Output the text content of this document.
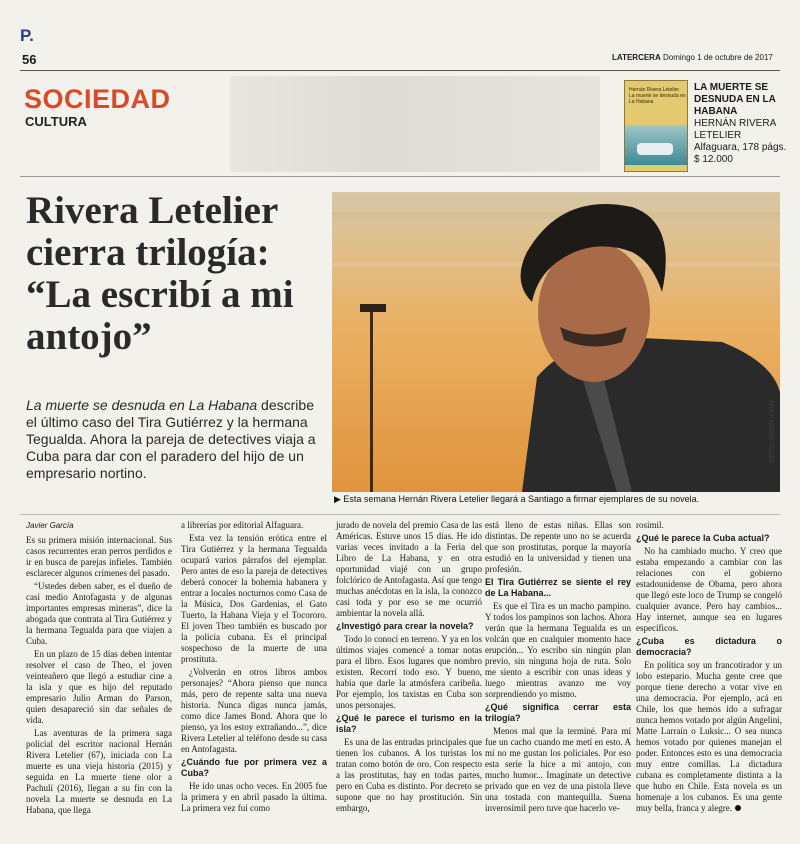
P.
56	LATERCERA Domingo 1 de octubre de 2017
SOCIEDAD
CULTURA
Hernán Rivera Letelier
La muerte se desnuda en La Habana
LA MUERTE SE DESNUDA EN LA HABANA
HERNÁN RIVERA LETELIER
Alfaguara, 178 págs.
$ 12.000
Rivera Letelier cierra trilogía: “La escribí a mi antojo”
La muerte se desnuda en La Habana describe el último caso del Tira Gutiérrez y la hermana Tegualda. Ahora la pareja de detectives viaja a Cuba para dar con el paradero del hijo de un empresario nortino.
FOTO: MARIO TELLEZ
▶ Esta semana Hernán Rivera Letelier llegará a Santiago a firmar ejemplares de su novela.
Javier García

Es su primera misión internacional. Sus casos recurrentes eran perros perdidos e ir en busca de parejas infieles. También esclarecer algunos crímenes del pasado.

“Ustedes deben saber, es el dueño de casi medio Antofagasta y de algunas importantes empresas mineras”, dice la abogada que contrata al Tira Gutiérrez y la hermana Tegualda para que viajen a Cuba.

En un plazo de 15 días deben intentar resolver el caso de Theo, el joven veinteañero que llegó a estudiar cine a la isla y que es hijo del reputado empresario Julio Arman do Parson, quien desapareció sin dar señales de vida.

Las aventuras de la primera saga policial del escritor nacional Hernán Rivera Letelier (67), iniciada con La muerte es una vieja historia (2015) y seguida en La muerte tiene olor a Pachulí (2016), llegan a su fin con la novela La muerte se desnuda en La Habana, que llega

a librerías por editorial Alfaguara.

Esta vez la tensión erótica entre el Tira Gutiérrez y la hermana Tegualda ocupará varios párrafos del ejemplar. Pero antes de eso la pareja de detectives deberá conocer la bohemia habanera y entrar a locales nocturnos como Casa de la Música, Dos Gardenias, el Gato Tuerto, la Habana Vieja y el Tocororo. El joven Theo también es buscado por la policía cubana. Es el principal sospechoso de la muerte de una prostituta.

¿Volverán en otros libros ambos personajes? “Ahora pienso que nunca más, pero de repente salta una nueva historia. Nunca digas nunca jamás, como dice James Bond. Ahora que lo pienso, ya los estoy extrañando...”, dice Rivera Letelier al teléfono desde su casa en Antofagasta.

¿Cuándo fue por primera vez a Cuba?

He ido unas ocho veces. En 2005 fue la primera y en abril pasado la última. La primera vez fui como

jurado de novela del premio Casa de las Américas. Estuve unos 15 días. He ido varias veces invitado a la Feria del Libro de La Habana, y en otra oportunidad viajé con un grupo folclórico de Antofagasta. Así que tengo muchas anécdotas en la isla, la conozco casi toda y por eso se me ocurrió ambientar la novela allá.

¿Investigó para crear la novela?

Todo lo conocí en terreno. Y ya en los últimos viajes comencé a tomar notas para el libro. Esos lugares que nombro existen. Recorrí todo eso. Y bueno, había que darle la atmósfera caribeña. Por ejemplo, los taxistas en Cuba son unos personajes.

¿Qué le parece el turismo en la isla?

Es una de las entradas principales que tienen los cubanos. A los turistas los tratan como botón de oro. Con respecto a las prostitutas, hay en todas partes, pero en Cuba es distinto. Por decreto se supone que no hay prostitución. Sin embargo,

está lleno de estas niñas. Ellas son distintas. De repente uno no se acuerda que son prostitutas, porque la mayoría estudió en la universidad y tienen una profesión.

El Tira Gutiérrez se siente el rey de La Habana...

Es que el Tira es un macho pampino. Y todos los pampinos son lachos. Ahora verán que la hermana Tegualda es un volcán que en cualquier momento hace erupción... Yo escribo sin ningún plan previo, sin ninguna hoja de ruta. Solo me siento a escribir con unas ideas y luego mientras avanzo me voy sorprendiendo yo mismo.

¿Qué significa cerrar esta trilogía?

Menos mal que la terminé. Para mí fue un cacho cuando me metí en esto. A mí no me gustan los policiales. Por eso esta serie la hice a mi antojo, con mucho humor... Imagínate un detective privado que en vez de una pistola lleve una tostada con mantequilla. Suena inverosímil pero tuve que hacerlo ve-

rosímil.

¿Qué le parece la Cuba actual?

No ha cambiado mucho. Y creo que estaba empezando a cambiar con las relaciones con el gobierno estadounidense de Obama, pero ahora que llegó este loco de Trump se congeló cualquier avance. Pero hay cambios... Hay internet, aunque sea en lugares específicos.

¿Cuba es dictadura o democracia?

En política soy un francotirador y un lobo estepario. Mucha gente cree que porque tiene derecho a votar vive en una democracia. Por ejemplo, acá en Chile, los que hemos ido a sufragar nunca hemos votado por algún Angelini, Matte Larraín o Luksic... O sea nunca hemos votado por quienes manejan el poder. Entonces esto es una democracia muy entre comillas. La dictadura cubana es completamente distinta a la que hubo en Chile. Esta novela es un homenaje a los cubanos. Es una gente muy bella, franca y alegre.
